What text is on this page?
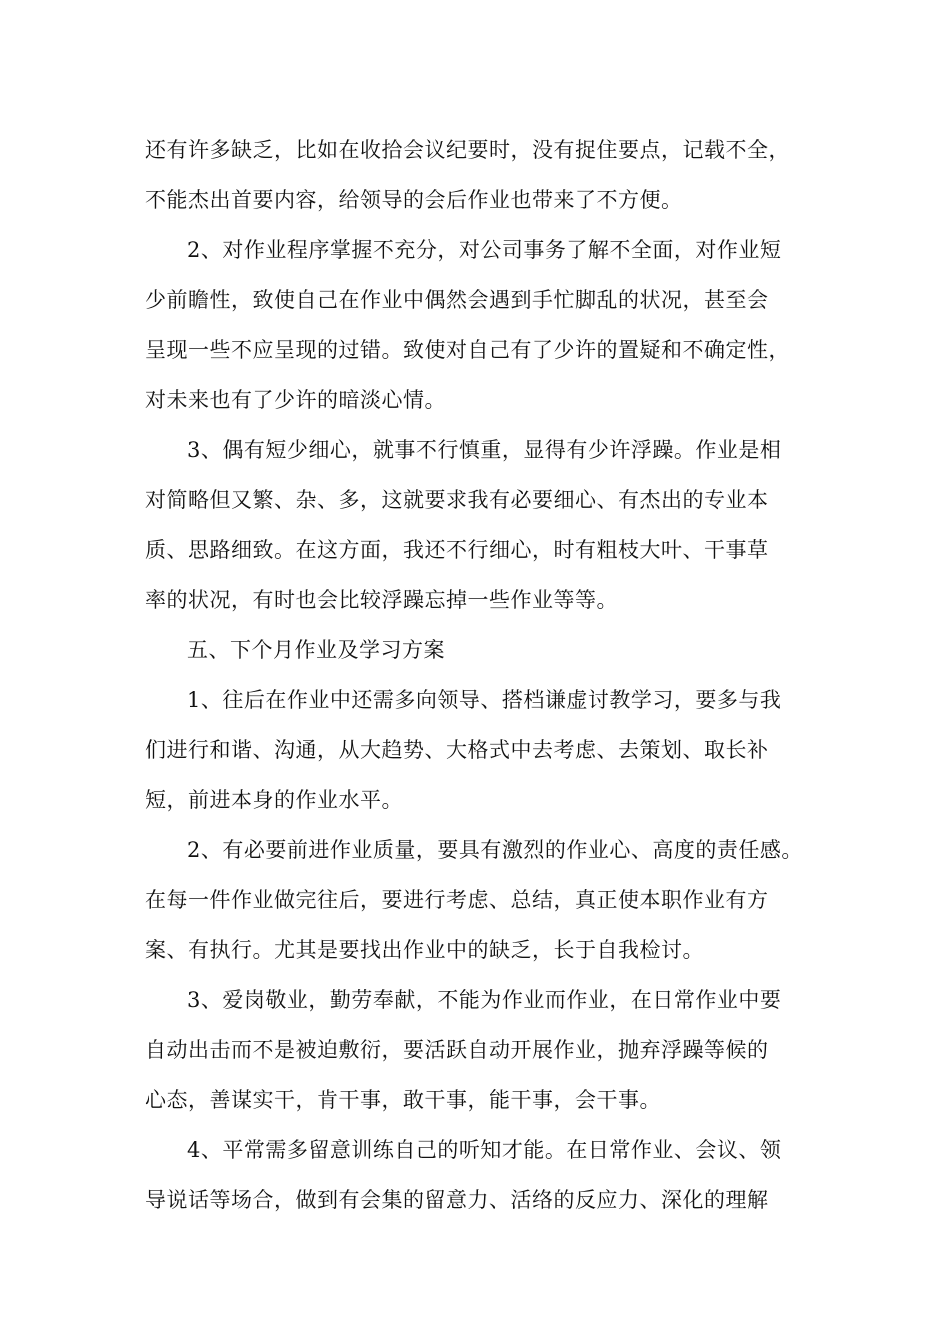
还有许多缺乏，比如在收拾会议纪要时，没有捉住要点，记载不全，
不能杰出首要内容，给领导的会后作业也带来了不方便。
2、对作业程序掌握不充分，对公司事务了解不全面，对作业短
少前瞻性，致使自己在作业中偶然会遇到手忙脚乱的状况，甚至会
呈现一些不应呈现的过错。致使对自己有了少许的置疑和不确定性，
对未来也有了少许的暗淡心情。
3、偶有短少细心，就事不行慎重，显得有少许浮躁。作业是相
对简略但又繁、杂、多，这就要求我有必要细心、有杰出的专业本
质、思路细致。在这方面，我还不行细心，时有粗枝大叶、干事草
率的状况，有时也会比较浮躁忘掉一些作业等等。
五、下个月作业及学习方案
1、往后在作业中还需多向领导、搭档谦虚讨教学习，要多与我
们进行和谐、沟通，从大趋势、大格式中去考虑、去策划、取长补
短，前进本身的作业水平。
2、有必要前进作业质量，要具有激烈的作业心、高度的责任感。
在每一件作业做完往后，要进行考虑、总结，真正使本职作业有方
案、有执行。尤其是要找出作业中的缺乏，长于自我检讨。
3、爱岗敬业，勤劳奉献，不能为作业而作业，在日常作业中要
自动出击而不是被迫敷衍，要活跃自动开展作业，抛弃浮躁等候的
心态，善谋实干，肯干事，敢干事，能干事，会干事。
4、平常需多留意训练自己的听知才能。在日常作业、会议、领
导说话等场合，做到有会集的留意力、活络的反应力、深化的理解
